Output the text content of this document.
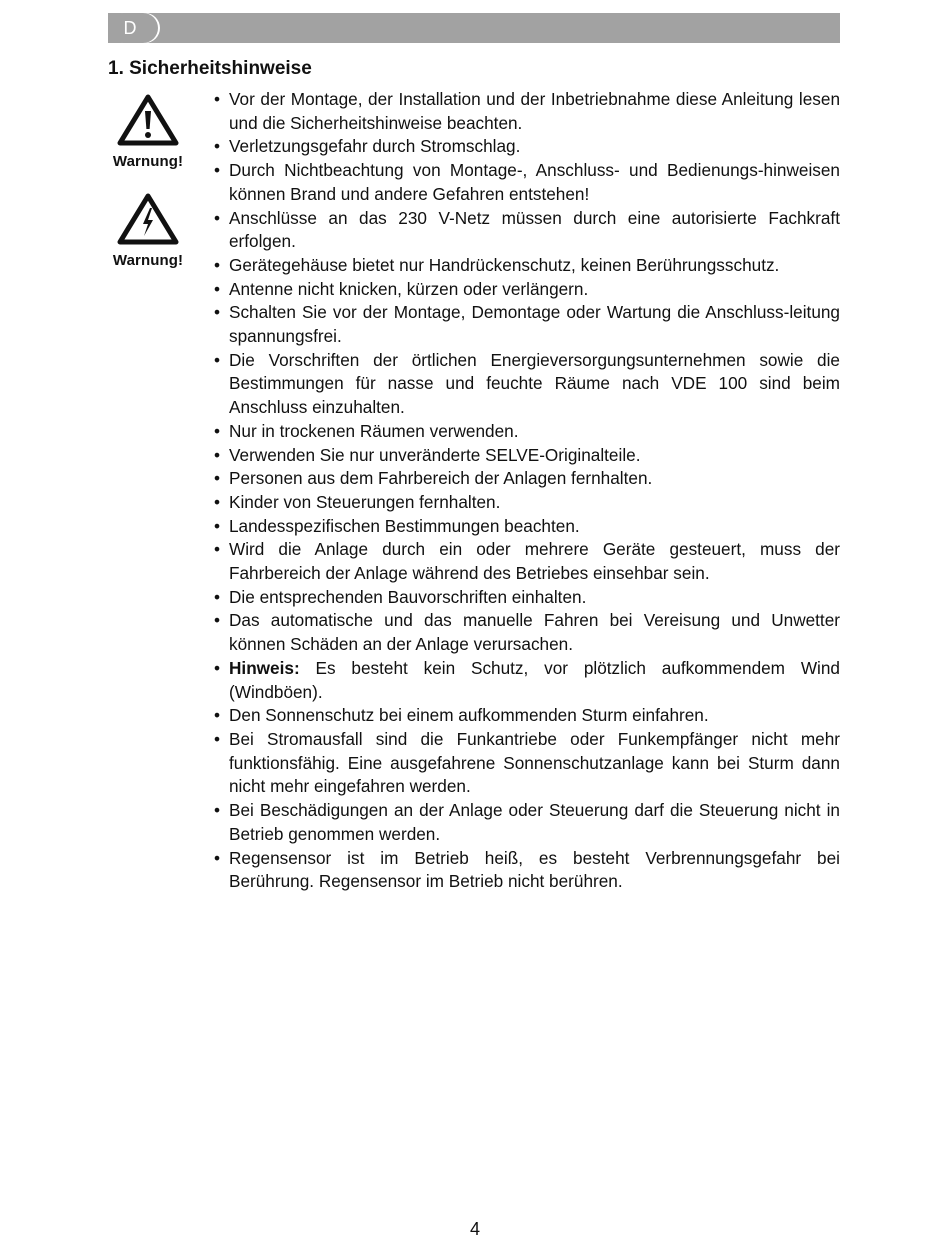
D
1. Sicherheitshinweise
Warnung!
Warnung!
• Vor der Montage, der Installation und der Inbetriebnahme diese Anleitung lesen und die Sicherheitshinweise beachten.
• Verletzungsgefahr durch Stromschlag.
• Durch Nichtbeachtung von Montage-, Anschluss- und Bedienungs-hinweisen können Brand und andere Gefahren entstehen!
• Anschlüsse an das 230 V-Netz müssen durch eine autorisierte Fachkraft erfolgen.
• Gerätegehäuse bietet nur Handrückenschutz, keinen Berührungsschutz.
• Antenne nicht knicken, kürzen oder verlängern.
• Schalten Sie vor der Montage, Demontage oder Wartung die Anschluss-leitung spannungsfrei.
• Die Vorschriften der örtlichen Energieversorgungsunternehmen sowie die Bestimmungen für nasse und feuchte Räume nach VDE 100 sind beim Anschluss einzuhalten.
• Nur in trockenen Räumen verwenden.
• Verwenden Sie nur unveränderte SELVE-Originalteile.
• Personen aus dem Fahrbereich der Anlagen fernhalten.
• Kinder von Steuerungen fernhalten.
• Landesspezifischen Bestimmungen beachten.
• Wird die Anlage durch ein oder mehrere Geräte gesteuert, muss der Fahrbereich der Anlage während des Betriebes einsehbar sein.
• Die entsprechenden Bauvorschriften einhalten.
• Das automatische und das manuelle Fahren bei Vereisung und Unwetter können Schäden an der Anlage verursachen.
• Hinweis: Es besteht kein Schutz, vor plötzlich aufkommendem Wind (Windböen).
• Den Sonnenschutz bei einem aufkommenden Sturm einfahren.
• Bei Stromausfall sind die Funkantriebe oder Funkempfänger nicht mehr funktionsfähig. Eine ausgefahrene Sonnenschutzanlage kann bei Sturm dann nicht mehr eingefahren werden.
• Bei Beschädigungen an der Anlage oder Steuerung darf die Steuerung nicht in Betrieb genommen werden.
• Regensensor ist im Betrieb heiß, es besteht Verbrennungsgefahr bei Berührung. Regensensor im Betrieb nicht berühren.
4
